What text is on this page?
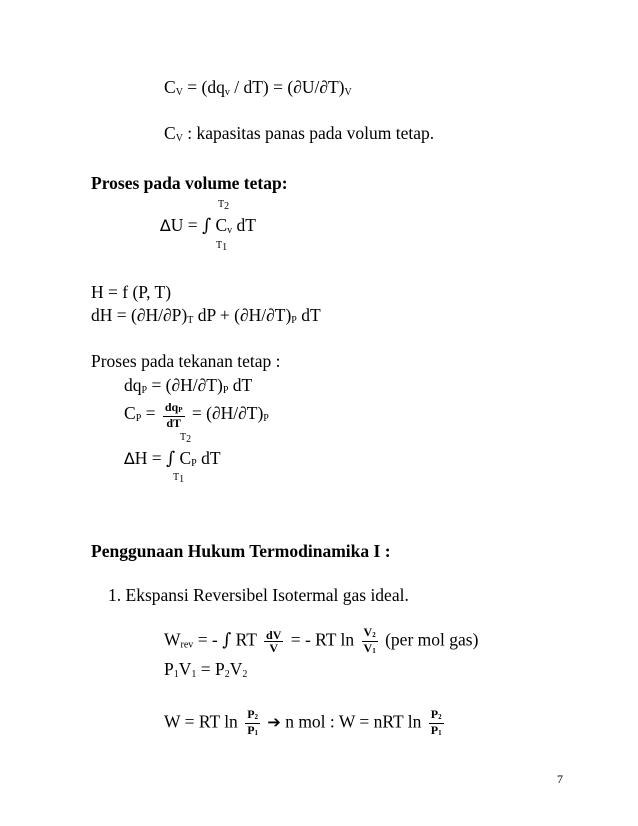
$C_V = (dq_v / dT) = (\partial U/\partial T)_V$
$C_V$ : kapasitas panas pada volum tetap.
Proses pada volume tetap:
T2
∆U = ∫ $C_v$ dT
T1
H = f (P, T)
dH = $(\partial H/\partial P)_T$ dP + $(\partial H/\partial T)_P$ dT
Proses pada tekanan tetap :
$dq_P = (\partial H/\partial T)_P$ dT
$C_P = \frac{\text{dqP}}{dT} = (\partial H/\partial T)_P$
T2
∆H = ∫ $C_P$ dT
T1
Penggunaan Hukum Termodinamika I :
1. Ekspansi Reversibel Isotermal gas ideal.
$W_{rev}$ = - ∫ RT $\frac{dV}{V}$ = - RT $\ln \frac{V2}{V1} (per$ mol gas)
$P_1V_1 = P_2V_2$
W = RT $\ln \frac{P2}{P1}$ ➔ n mol : W = nRT $\ln \frac{P2}{P1}$
7
